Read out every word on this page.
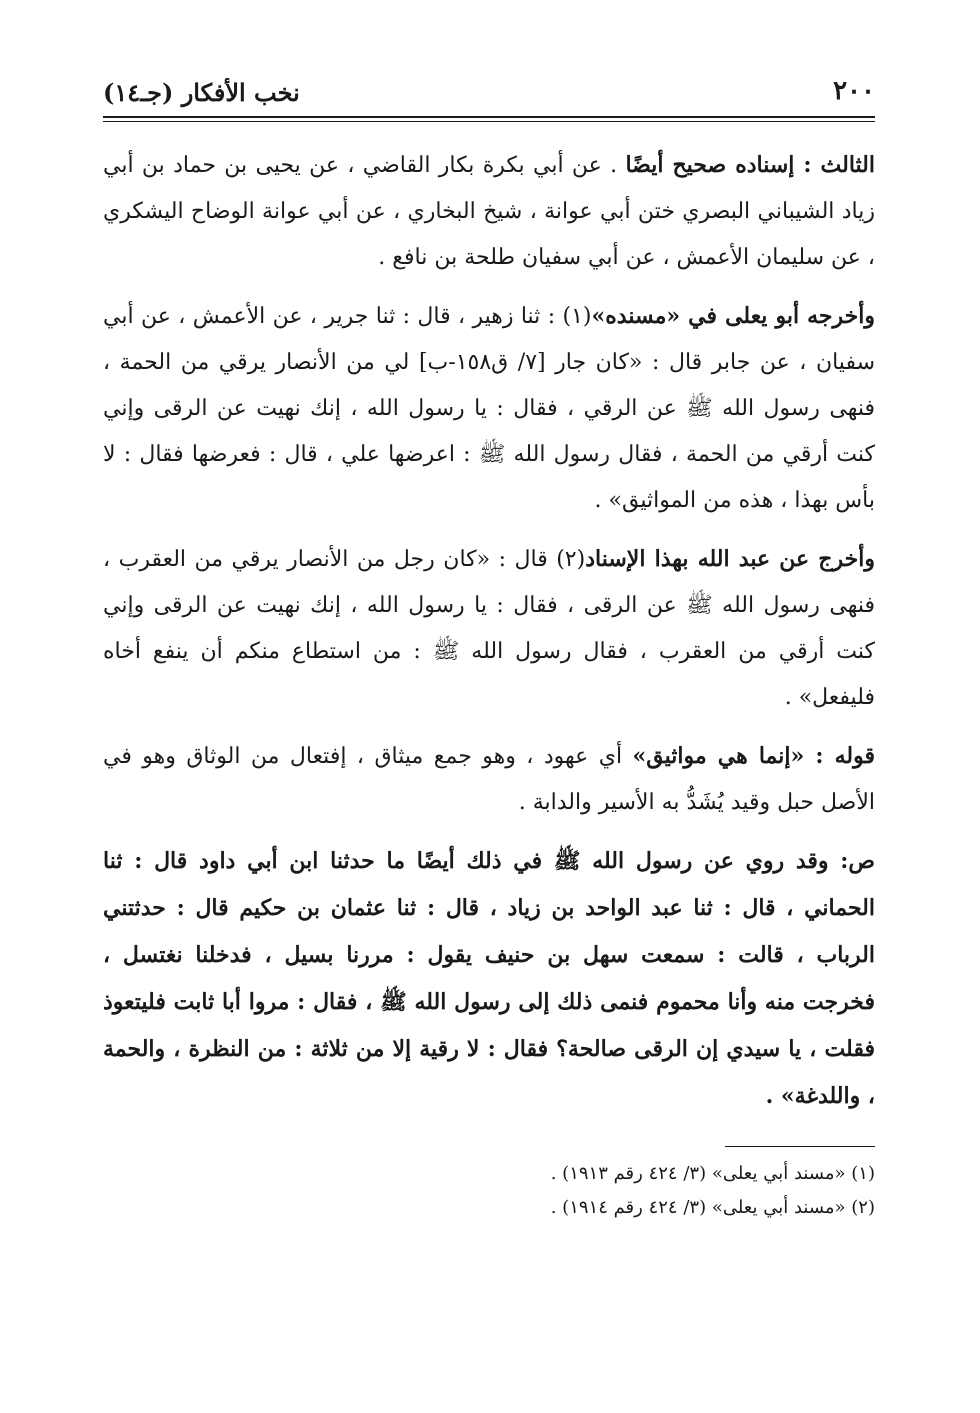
٢٠٠
نخب الأفكار (جـ١٤)

الثالث : إسناده صحيح أيضًا . عن أبي بكرة بكار القاضي ، عن يحيى بن حماد بن أبي زياد الشيباني البصري ختن أبي عوانة ، شيخ البخاري ، عن أبي عوانة الوضاح اليشكري ، عن سليمان الأعمش ، عن أبي سفيان طلحة بن نافع .

وأخرجه أبو يعلى في «مسنده»(١) : ثنا زهير ، قال : ثنا جرير ، عن الأعمش ، عن أبي سفيان ، عن جابر قال : «كان جار [٧/ ق١٥٨-ب] لي من الأنصار يرقي من الحمة ، فنهى رسول الله ﷺ عن الرقي ، فقال : يا رسول الله ، إنك نهيت عن الرقى وإني كنت أرقي من الحمة ، فقال رسول الله ﷺ : اعرضها علي ، قال : فعرضها فقال : لا بأس بهذا ، هذه من المواثيق» .

وأخرج عن عبد الله بهذا الإسناد(٢) قال : «كان رجل من الأنصار يرقي من العقرب ، فنهى رسول الله ﷺ عن الرقى ، فقال : يا رسول الله ، إنك نهيت عن الرقى وإني كنت أرقي من العقرب ، فقال رسول الله ﷺ : من استطاع منكم أن ينفع أخاه فليفعل» .

قوله : «إنما هي مواثيق» أي عهود ، وهو جمع ميثاق ، إفتعال من الوثاق وهو في الأصل حبل وقيد يُشَدُّ به الأسير والدابة .

ص: وقد روي عن رسول الله ﷺ في ذلك أيضًا ما حدثنا ابن أبي داود قال : ثنا الحماني ، قال : ثنا عبد الواحد بن زياد ، قال : ثنا عثمان بن حكيم قال : حدثتني الرباب ، قالت : سمعت سهل بن حنيف يقول : مررنا بسيل ، فدخلنا نغتسل ، فخرجت منه وأنا محموم فنمى ذلك إلى رسول الله ﷺ ، فقال : مروا أبا ثابت فليتعوذ فقلت ، يا سيدي إن الرقى صالحة؟ فقال : لا رقية إلا من ثلاثة : من النظرة ، والحمة ، واللدغة» .

(١) «مسند أبي يعلى» (٣/ ٤٢٤ رقم ١٩١٣) .

(٢) «مسند أبي يعلى» (٣/ ٤٢٤ رقم ١٩١٤) .
